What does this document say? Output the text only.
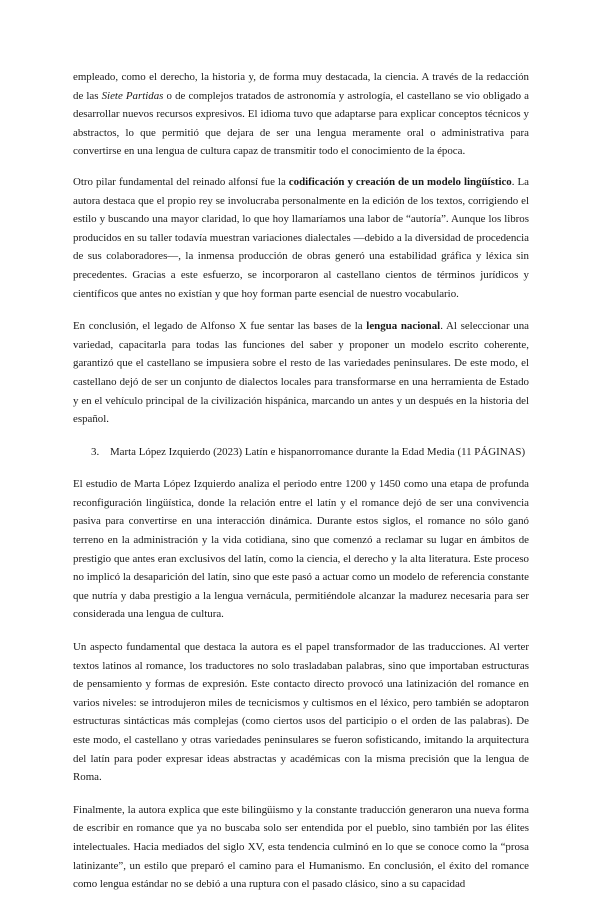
empleado, como el derecho, la historia y, de forma muy destacada, la ciencia. A través de la redacción de las Siete Partidas o de complejos tratados de astronomía y astrología, el castellano se vio obligado a desarrollar nuevos recursos expresivos. El idioma tuvo que adaptarse para explicar conceptos técnicos y abstractos, lo que permitió que dejara de ser una lengua meramente oral o administrativa para convertirse en una lengua de cultura capaz de transmitir todo el conocimiento de la época.

Otro pilar fundamental del reinado alfonsí fue la codificación y creación de un modelo lingüístico. La autora destaca que el propio rey se involucraba personalmente en la edición de los textos, corrigiendo el estilo y buscando una mayor claridad, lo que hoy llamaríamos una labor de “autoría”. Aunque los libros producidos en su taller todavía muestran variaciones dialectales —debido a la diversidad de procedencia de sus colaboradores—, la inmensa producción de obras generó una estabilidad gráfica y léxica sin precedentes. Gracias a este esfuerzo, se incorporaron al castellano cientos de términos jurídicos y científicos que antes no existían y que hoy forman parte esencial de nuestro vocabulario.

En conclusión, el legado de Alfonso X fue sentar las bases de la lengua nacional. Al seleccionar una variedad, capacitarla para todas las funciones del saber y proponer un modelo escrito coherente, garantizó que el castellano se impusiera sobre el resto de las variedades peninsulares. De este modo, el castellano dejó de ser un conjunto de dialectos locales para transformarse en una herramienta de Estado y en el vehículo principal de la civilización hispánica, marcando un antes y un después en la historia del español.

3. Marta López Izquierdo (2023) Latín e hispanorromance durante la Edad Media (11 PÁGINAS)

El estudio de Marta López Izquierdo analiza el periodo entre 1200 y 1450 como una etapa de profunda reconfiguración lingüística, donde la relación entre el latín y el romance dejó de ser una convivencia pasiva para convertirse en una interacción dinámica. Durante estos siglos, el romance no sólo ganó terreno en la administración y la vida cotidiana, sino que comenzó a reclamar su lugar en ámbitos de prestigio que antes eran exclusivos del latín, como la ciencia, el derecho y la alta literatura. Este proceso no implicó la desaparición del latín, sino que este pasó a actuar como un modelo de referencia constante que nutría y daba prestigio a la lengua vernácula, permitiéndole alcanzar la madurez necesaria para ser considerada una lengua de cultura.

Un aspecto fundamental que destaca la autora es el papel transformador de las traducciones. Al verter textos latinos al romance, los traductores no solo trasladaban palabras, sino que importaban estructuras de pensamiento y formas de expresión. Este contacto directo provocó una latinización del romance en varios niveles: se introdujeron miles de tecnicismos y cultismos en el léxico, pero también se adoptaron estructuras sintácticas más complejas (como ciertos usos del participio o el orden de las palabras). De este modo, el castellano y otras variedades peninsulares se fueron sofisticando, imitando la arquitectura del latín para poder expresar ideas abstractas y académicas con la misma precisión que la lengua de Roma.

Finalmente, la autora explica que este bilingüismo y la constante traducción generaron una nueva forma de escribir en romance que ya no buscaba solo ser entendida por el pueblo, sino también por las élites intelectuales. Hacia mediados del siglo XV, esta tendencia culminó en lo que se conoce como la “prosa latinizante”, un estilo que preparó el camino para el Humanismo. En conclusión, el éxito del romance como lengua estándar no se debió a una ruptura con el pasado clásico, sino a su capacidad
